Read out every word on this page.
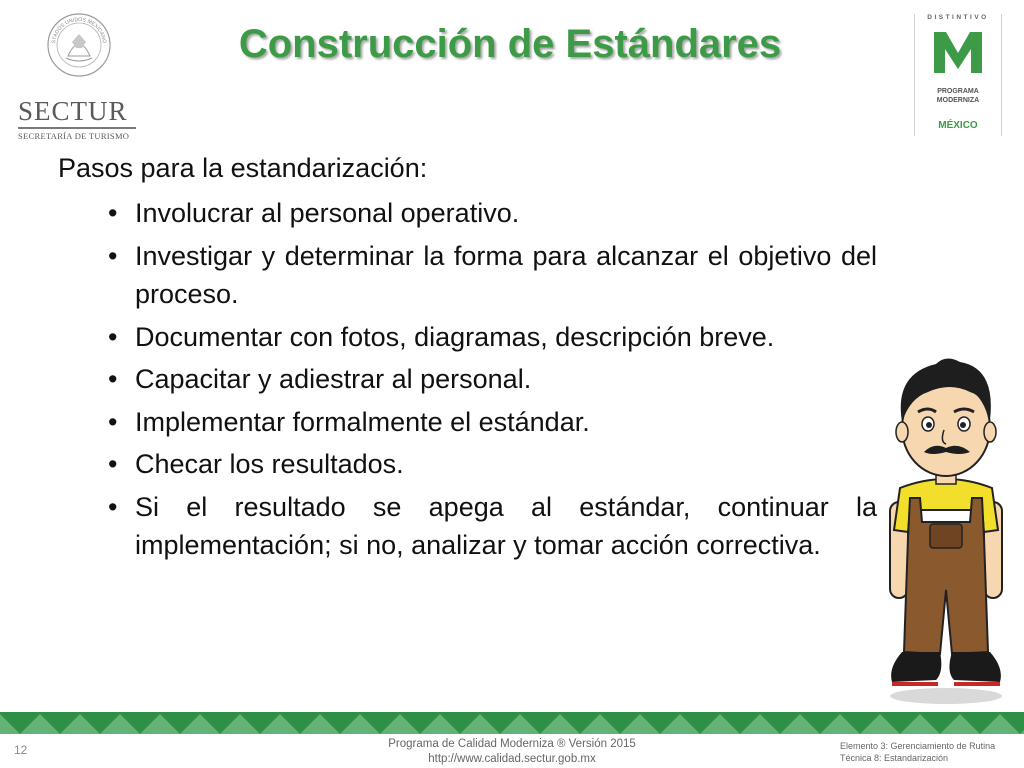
STADOS UNIDOS MEXICANO
SECTUR
SECRETARÍA DE TURISMO
Construcción de Estándares
DISTINTIVO
M
PROGRAMA
MODERNIZA
MÉXICO

Pasos para la estandarización:

• Involucrar al personal operativo.
• Investigar y determinar la forma para alcanzar el objetivo del proceso.
• Documentar con fotos, diagramas, descripción breve.
• Capacitar y adiestrar al personal.
• Implementar formalmente el estándar.
• Checar los resultados.
• Si el resultado se apega al estándar, continuar la implementación; si no, analizar y tomar acción correctiva.
12	Programa de Calidad Moderniza ® Versión 2015
http://www.calidad.sectur.gob.mx
Elemento 3: Gerenciamiento de Rutina
Técnica 8: Estandarización
